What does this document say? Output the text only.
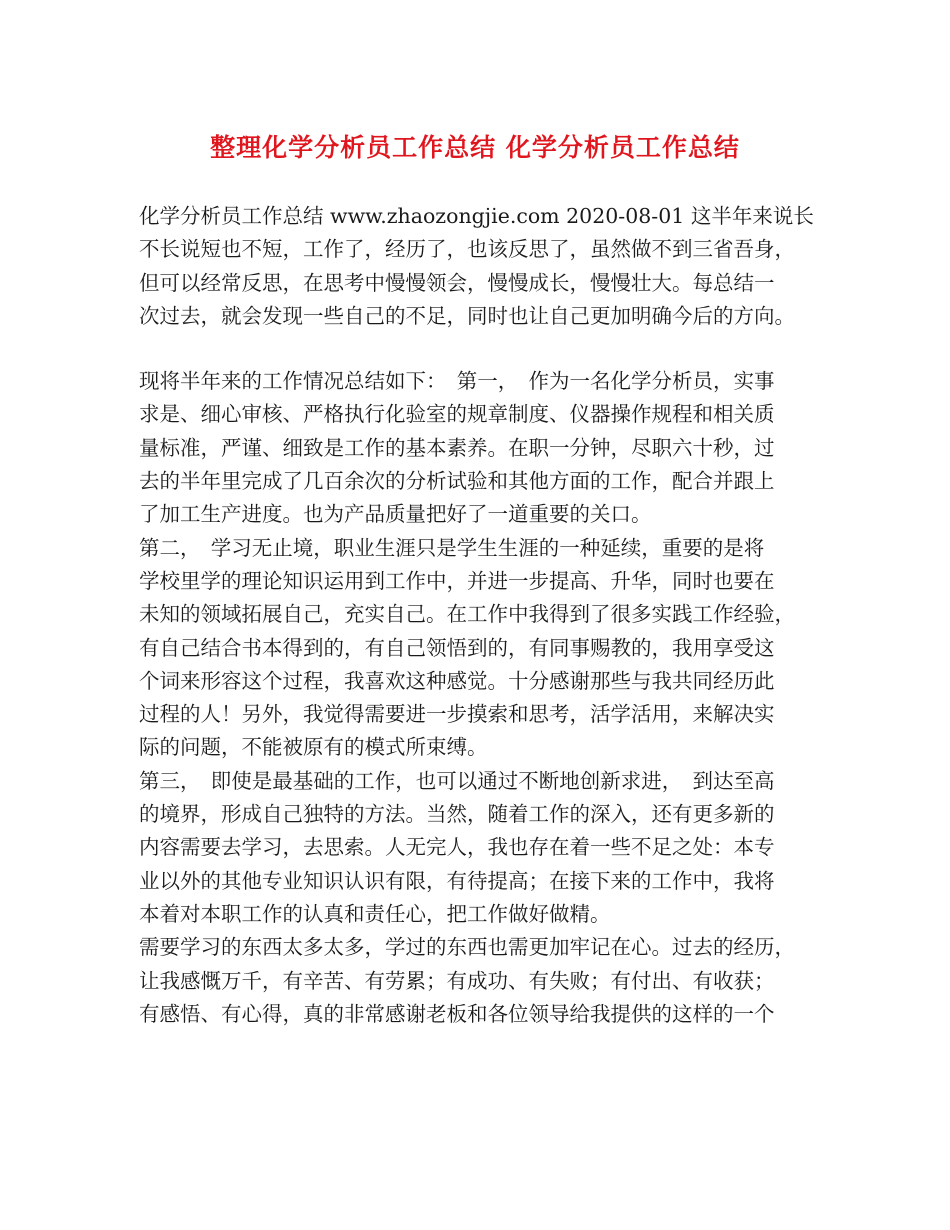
整理化学分析员工作总结 化学分析员工作总结
化学分析员工作总结 www.zhaozongjie.com 2020-08-01 这半年来说长
不长说短也不短，工作了，经历了，也该反思了，虽然做不到三省吾身，
但可以经常反思，在思考中慢慢领会，慢慢成长，慢慢壮大。每总结一
次过去，就会发现一些自己的不足，同时也让自己更加明确今后的方向。
现将半年来的工作情况总结如下：　第一，　作为一名化学分析员，实事
求是、细心审核、严格执行化验室的规章制度、仪器操作规程和相关质
量标准，严谨、细致是工作的基本素养。在职一分钟，尽职六十秒，过
去的半年里完成了几百余次的分析试验和其他方面的工作，配合并跟上
了加工生产进度。也为产品质量把好了一道重要的关口。
第二，　学习无止境，职业生涯只是学生生涯的一种延续，重要的是将
学校里学的理论知识运用到工作中，并进一步提高、升华，同时也要在
未知的领域拓展自己，充实自己。在工作中我得到了很多实践工作经验，
有自己结合书本得到的，有自己领悟到的，有同事赐教的，我用享受这
个词来形容这个过程，我喜欢这种感觉。十分感谢那些与我共同经历此
过程的人！另外，我觉得需要进一步摸索和思考，活学活用，来解决实
际的问题，不能被原有的模式所束缚。
第三，　即使是最基础的工作，也可以通过不断地创新求进，　到达至高
的境界，形成自己独特的方法。当然，随着工作的深入，还有更多新的
内容需要去学习，去思索。人无完人，我也存在着一些不足之处：本专
业以外的其他专业知识认识有限，有待提高；在接下来的工作中，我将
本着对本职工作的认真和责任心，把工作做好做精。
需要学习的东西太多太多，学过的东西也需更加牢记在心。过去的经历，
让我感慨万千，有辛苦、有劳累；有成功、有失败；有付出、有收获；
有感悟、有心得，真的非常感谢老板和各位领导给我提供的这样的一个
